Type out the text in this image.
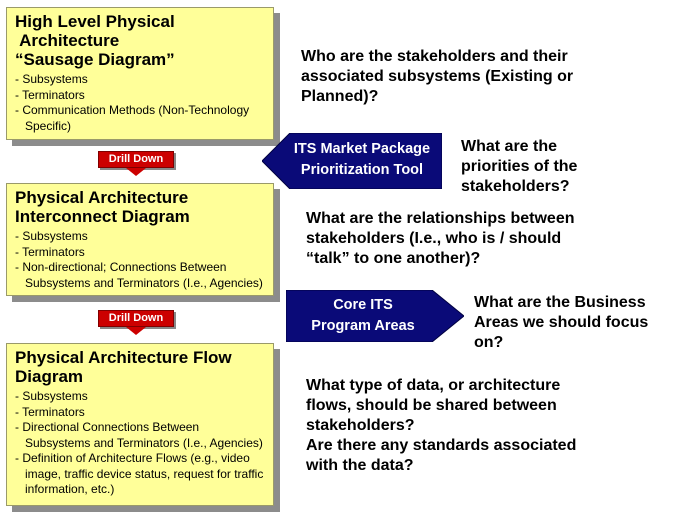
High Level Physical
Architecture
“Sausage Diagram”
- Subsystems
- Terminators
- Communication Methods (Non-Technology Specific)
Drill Down
Physical Architecture
Interconnect Diagram
- Subsystems
- Terminators
- Non-directional; Connections Between Subsystems and Terminators (I.e., Agencies)
Drill Down
Physical Architecture Flow
Diagram
- Subsystems
- Terminators
- Directional Connections Between Subsystems and Terminators (I.e., Agencies)
- Definition of Architecture Flows (e.g., video image, traffic device status, request for traffic information, etc.)
ITS Market Package
Prioritization Tool
Core ITS
Program Areas

Who are the stakeholders and their
associated subsystems (Existing or
Planned)?

What are the
priorities of the
stakeholders?

What are the relationships between
stakeholders (I.e., who is / should
“talk” to one another)?

What are the Business
Areas we should focus
on?

What type of data, or architecture
flows, should be shared between
stakeholders?
Are there any standards associated
with the data?
